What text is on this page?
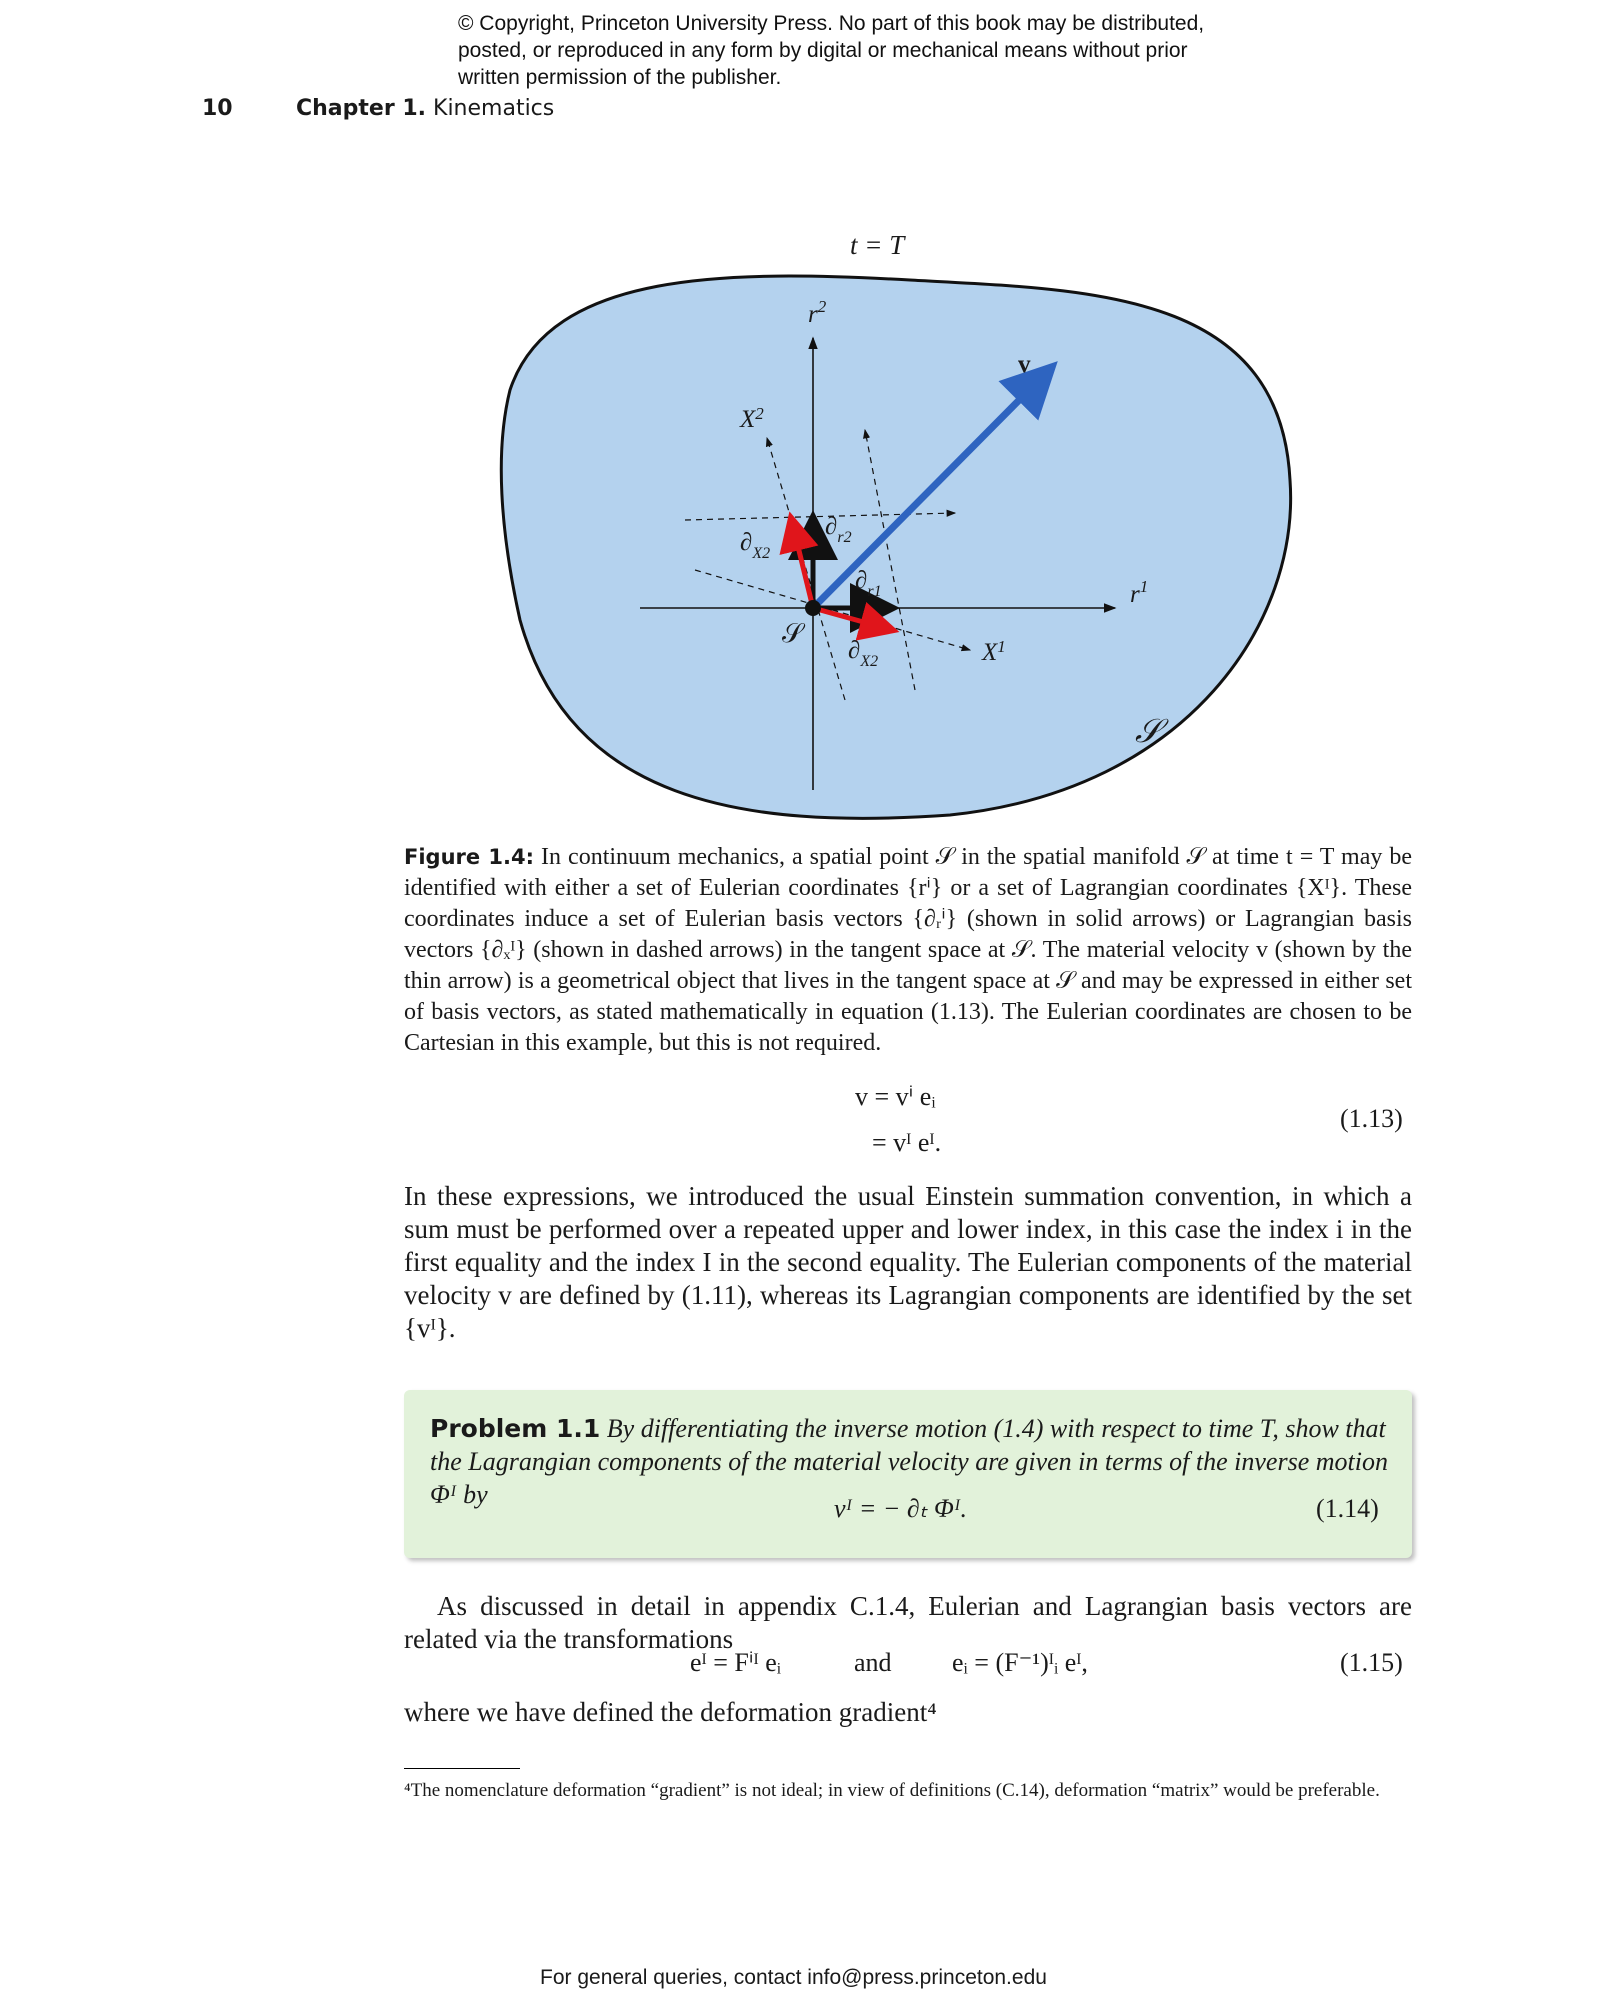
© Copyright, Princeton University Press. No part of this book may be distributed, posted, or reproduced in any form by digital or mechanical means without prior written permission of the publisher.
10	Chapter 1. Kinematics
t = T
$r^2$
$r^1$
$X^2$
$X^1$
v
$\partial_{X2}$
$\partial_{r2}$
$\partial_{r1}$
$\partial_{X2}$
𝒮
𝒮
Figure 1.4: In continuum mechanics, a spatial point 𝒮 in the spatial manifold 𝒮 at time t = T may be identified with either a set of Eulerian coordinates {rⁱ} or a set of Lagrangian coordinates {Xᴵ}. These coordinates induce a set of Eulerian basis vectors {∂ᵣⁱ} (shown in solid arrows) or Lagrangian basis vectors {∂ₓᴵ} (shown in dashed arrows) in the tangent space at 𝒮. The material velocity v (shown by the thin arrow) is a geometrical object that lives in the tangent space at 𝒮 and may be expressed in either set of basis vectors, as stated mathematically in equation (1.13). The Eulerian coordinates are chosen to be Cartesian in this example, but this is not required.
v = vⁱ eᵢ
= vᴵ eᴵ.
(1.13)
In these expressions, we introduced the usual Einstein summation convention, in which a sum must be performed over a repeated upper and lower index, in this case the index i in the first equality and the index I in the second equality. The Eulerian components of the material velocity v are defined by (1.11), whereas its Lagrangian components are identified by the set {vᴵ}.
Problem 1.1 By differentiating the inverse motion (1.4) with respect to time T, show that the Lagrangian components of the material velocity are given in terms of the inverse motion Φᴵ by	vᴵ = − ∂ₜ Φᴵ.	(1.14)
As discussed in detail in appendix C.1.4, Eulerian and Lagrangian basis vectors are related via the transformations
eᴵ = Fⁱᴵ eᵢ	and eᵢ = (F⁻¹)ᴵᵢ eᴵ,	(1.15)
where we have defined the deformation gradient⁴
⁴The nomenclature deformation “gradient” is not ideal; in view of definitions (C.14), deformation “matrix” would be preferable.
For general queries, contact info@press.princeton.edu
